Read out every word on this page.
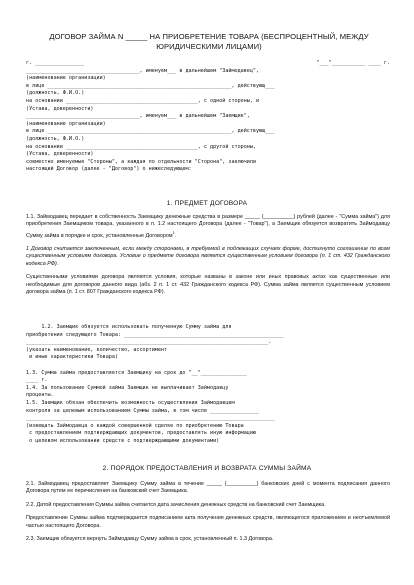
ДОГОВОР ЗАЙМА N _____ НА ПРИОБРЕТЕНИЕ ТОВАРА (БЕСПРОЦЕНТНЫЙ, МЕЖДУ ЮРИДИЧЕСКИМИ ЛИЦАМИ)
г. ________________	"___"___________ ____ г.
_____________________________________, именуем___ в дальнейшем "Займодавец",
(наименование организации)
в лице ____________________________________________________________, действующ___
(должность, Ф.И.О.)
на основании ___________________________________________, с одной стороны, и
(Устава, доверенности)
_____________________________________, именуем___ в дальнейшем "Заемщик",
(наименование организации)
в лице ____________________________________________________________, действующ___
(должность, Ф.И.О.)
на основании ___________________________________________, с другой стороны,
(Устава, доверенности)
совместно именуемые "Стороны", а каждая по отдельности "Сторона", заключили
настоящий Договор (далее - "Договор") о нижеследующем:
1. ПРЕДМЕТ ДОГОВОРА

1.1. Займодавец передает в собственность Заемщику денежные средства в размере _____ (__________) рублей (далее - "Сумма займа") для приобретения Заемщиком товара, указанного в п. 1.2 настоящего Договора (далее - "Товар"), а Заемщик обязуется возвратить Займодавцу Сумму займа в порядке и срок, установленные Договором$^1$.

1 Договор считается заключенным, если между сторонами, в требуемой в подлежащих случаях форме, достигнуто соглашение по всем существенным условиям договора. Условие о предмете договора является существенным условием договора (п. 1 ст. 432 Гражданского кодекса РФ).

Существенными условиями договора являются условия, которые названы в законе или иных правовых актах как существенные или необходимые для договоров данного вида (абз. 2 п. 1 ст. 432 Гражданского кодекса РФ). Сумма займа является существенным условием договора займа (п. 1 ст. 807 Гражданского кодекса РФ).

1.2. Заемщик обязуется использовать полученную Сумму займа для
приобретения следующего Товара: ____________________________________________________
_______________________________________________________________________________.
(указать наименование, количество, ассортимент
и иные характеристики Товара)
1.3. Сумма займа предоставляется Заемщику на срок до "__"_______________
____ г.
1.4. За пользование Суммой займа Заемщик не выплачивает Займодавцу
проценты.
1.5. Заемщик обязан обеспечить возможность осуществления Займодавцем
контроля за целевым использованием Суммы займа, в том числе ________________
_________________________________________________________________________________
(извещать Займодавца о каждой совершенной сделке по приобретению Товара
с предоставлением подтверждающих документов, предоставлять иную информацию
о целевом использовании средств с подтверждающими документами)
2. ПОРЯДОК ПРЕДОСТАВЛЕНИЯ И ВОЗВРАТА СУММЫ ЗАЙМА

2.1. Займодавец предоставляет Заемщику Сумму займа в течение _____ (__________) банковских дней с момента подписания данного Договора путем ее перечисления на банковский счет Заемщика.

2.2. Датой предоставления Суммы займа считается дата зачисления денежных средств на банковский счет Заемщика.

Предоставление Суммы займа подтверждается подписанием акта получения денежных средств, являющегося приложением и неотъемлемой частью настоящего Договора.

2.3. Заемщик обязуется вернуть Займодавцу Сумму займа в срок, установленный п. 1.3 Договора.
